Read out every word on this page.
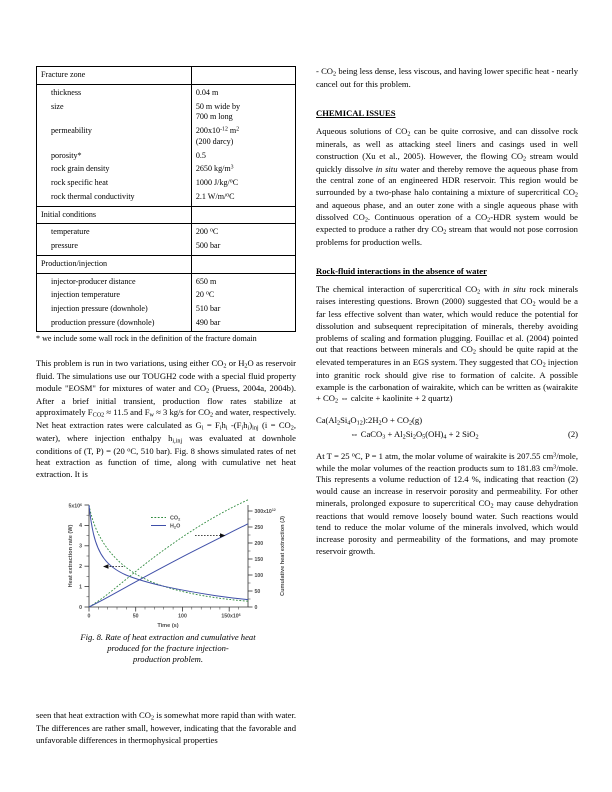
Fracture zone	
thickness	0.04 m
size	50 m wide by
700 m long
permeability	$200x10^{-12}$ $m^2$
(200 darcy)
porosity*	0.5
rock grain density	2650 $kg/m^3$
rock specific heat	1000 J/kg/$^o$C
rock thermal conductivity	2.1 W/m/$^o$C
Initial conditions	
temperature	200 $^o$C
pressure	500 bar
Production/injection	
injector-producer distance	650 m
injection temperature	20 $^o$C
injection pressure (downhole)	510 bar
production pressure (downhole)	490 bar
* we include some wall rock in the definition of the fracture domain

This problem is run in two variations, using either $CO_2$ or $H_2O$ as reservoir fluid. The simulations use our TOUGH2 code with a special fluid property module "EOSM" for mixtures of water and $CO_2$ (Pruess, 2004a, 2004b). After a brief initial transient, production flow rates stabilize at approximately $F_{CO2} \approx 11.5$ and $F_w \approx 3$ kg/s for $CO_2$ and water, respectively. Net heat extraction rates were calculated as $G_i = F_ih_i$ $-(F_ih_i)_{inj}$ ($i = CO_2$, water), where injection enthalpy $h_{i,inj}$ was evaluated at downhole conditions of (T, P) = (20 $^o$C, 510 bar). Fig. 8 shows simulated rates of net heat extraction as function of time, along with cumulative net heat extraction. It is

0
1
2
3
4
$5x10^6$
0
50
100
150
200
250
$300x10^{12}$
0	50	100	$150x10^6$
Heat extraction rate (W)	Cumulative heat extraction (J)
Time (s)
$CO_2$
$H_2O$
Fig. 8. Rate of heat extraction and cumulative heat
produced for the fracture injection-
production problem.

seen that heat extraction with $CO_2$ is somewhat more rapid than with water. The differences are rather small, however, indicating that the favorable and unfavorable differences in thermophysical properties

- $CO_2$ being less dense, less viscous, and having lower specific heat - nearly cancel out for this problem.

CHEMICAL ISSUES

Aqueous solutions of $CO_2$ can be quite corrosive, and can dissolve rock minerals, as well as attacking steel liners and casings used in well construction (Xu et al., 2005). However, the flowing $CO_2$ stream would quickly dissolve in situ water and thereby remove the aqueous phase from the central zone of an engineered HDR reservoir. This region would be surrounded by a two-phase halo containing a mixture of supercritical $CO_2$ and aqueous phase, and an outer zone with a single aqueous phase with dissolved $CO_2$. Continuous operation of a $CO_2$-HDR system would be expected to produce a rather dry $CO_2$ stream that would not pose corrosion problems for production wells.

Rock-fluid interactions in the absence of water

The chemical interaction of supercritical $CO_2$ with in situ rock minerals raises interesting questions. Brown (2000) suggested that $CO_2$ would be a far less effective solvent than water, which would reduce the potential for dissolution and subsequent reprecipitation of minerals, thereby avoiding problems of scaling and formation plugging. Fouillac et al. (2004) pointed out that reactions between minerals and $CO_2$ should be quite rapid at the elevated temperatures in an EGS system. They suggested that $CO_2$ injection into granitic rock should give rise to formation of calcite. A possible example is the carbonation of wairakite, which can be written as (wairakite + $CO_2$ ⇔ calcite + kaolinite + 2 quartz)

$Ca(Al_2Si_4O_{12}):2H_2O + CO_2(g)$
(2)
⇔ CaCO$_3$ + $Al_2Si_2O_5(OH)_4 + 2$ SiO$_2$

At T = 25 $^o$C, P = 1 atm, the molar volume of wairakite is 207.55 $cm^3$/mole, while the molar volumes of the reaction products sum to 181.83 $cm^3$/mole. This represents a volume reduction of 12.4 %, indicating that reaction (2) would cause an increase in reservoir porosity and permeability. For other minerals, prolonged exposure to supercritical $CO_2$ may cause dehydration reactions that would remove loosely bound water. Such reactions would tend to reduce the molar volume of the minerals involved, which would increase porosity and permeability of the formations, and may promote reservoir growth.
